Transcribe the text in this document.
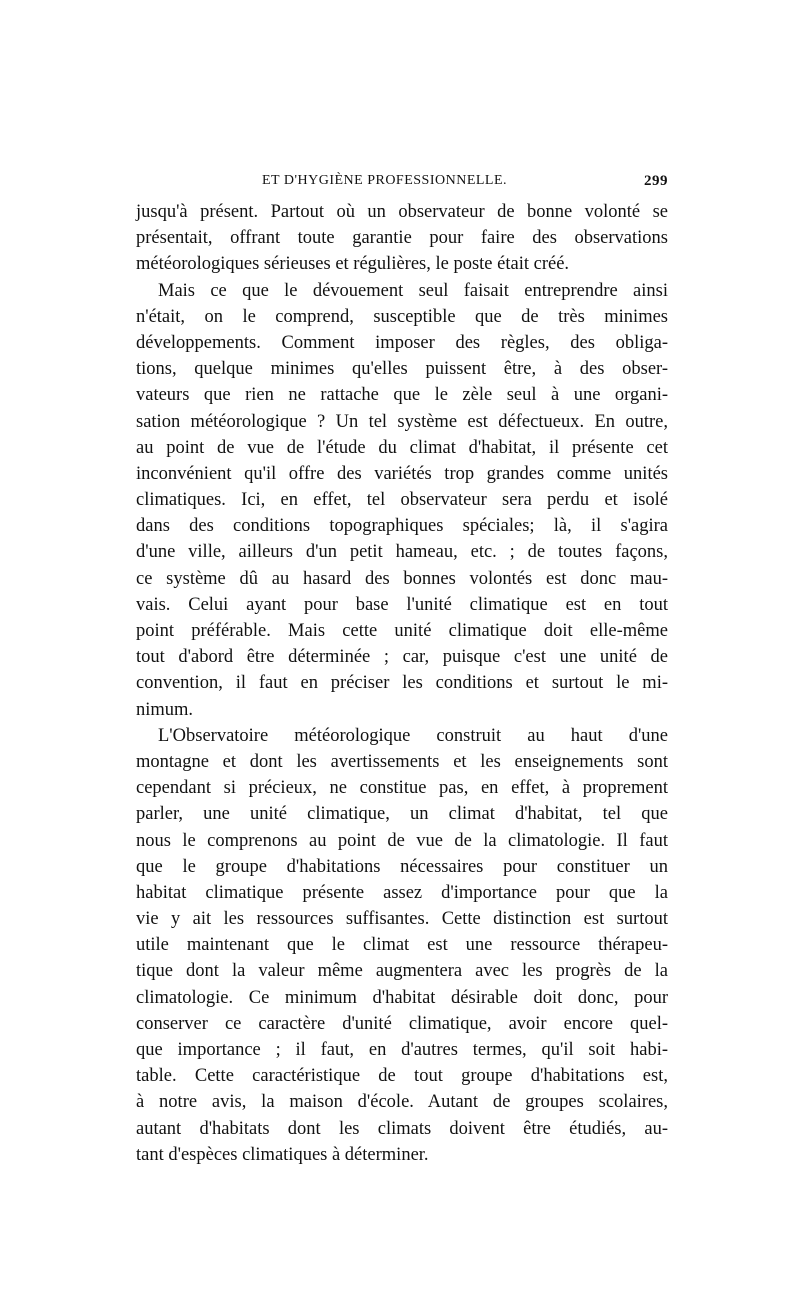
ET D'HYGIÈNE PROFESSIONNELLE.	299
jusqu'à présent. Partout où un observateur de bonne volonté se
présentait, offrant toute garantie pour faire des observations
météorologiques sérieuses et régulières, le poste était créé.
Mais ce que le dévouement seul faisait entreprendre ainsi
n'était, on le comprend, susceptible que de très minimes
développements. Comment imposer des règles, des obliga-
tions, quelque minimes qu'elles puissent être, à des obser-
vateurs que rien ne rattache que le zèle seul à une organi-
sation météorologique ? Un tel système est défectueux. En outre,
au point de vue de l'étude du climat d'habitat, il présente cet
inconvénient qu'il offre des variétés trop grandes comme unités
climatiques. Ici, en effet, tel observateur sera perdu et isolé
dans des conditions topographiques spéciales; là, il s'agira
d'une ville, ailleurs d'un petit hameau, etc. ; de toutes façons,
ce système dû au hasard des bonnes volontés est donc mau-
vais. Celui ayant pour base l'unité climatique est en tout
point préférable. Mais cette unité climatique doit elle-même
tout d'abord être déterminée ; car, puisque c'est une unité de
convention, il faut en préciser les conditions et surtout le mi-
nimum.
L'Observatoire météorologique construit au haut d'une
montagne et dont les avertissements et les enseignements sont
cependant si précieux, ne constitue pas, en effet, à proprement
parler, une unité climatique, un climat d'habitat, tel que
nous le comprenons au point de vue de la climatologie. Il faut
que le groupe d'habitations nécessaires pour constituer un
habitat climatique présente assez d'importance pour que la
vie y ait les ressources suffisantes. Cette distinction est surtout
utile maintenant que le climat est une ressource thérapeu-
tique dont la valeur même augmentera avec les progrès de la
climatologie. Ce minimum d'habitat désirable doit donc, pour
conserver ce caractère d'unité climatique, avoir encore quel-
que importance ; il faut, en d'autres termes, qu'il soit habi-
table. Cette caractéristique de tout groupe d'habitations est,
à notre avis, la maison d'école. Autant de groupes scolaires,
autant d'habitats dont les climats doivent être étudiés, au-
tant d'espèces climatiques à déterminer.
